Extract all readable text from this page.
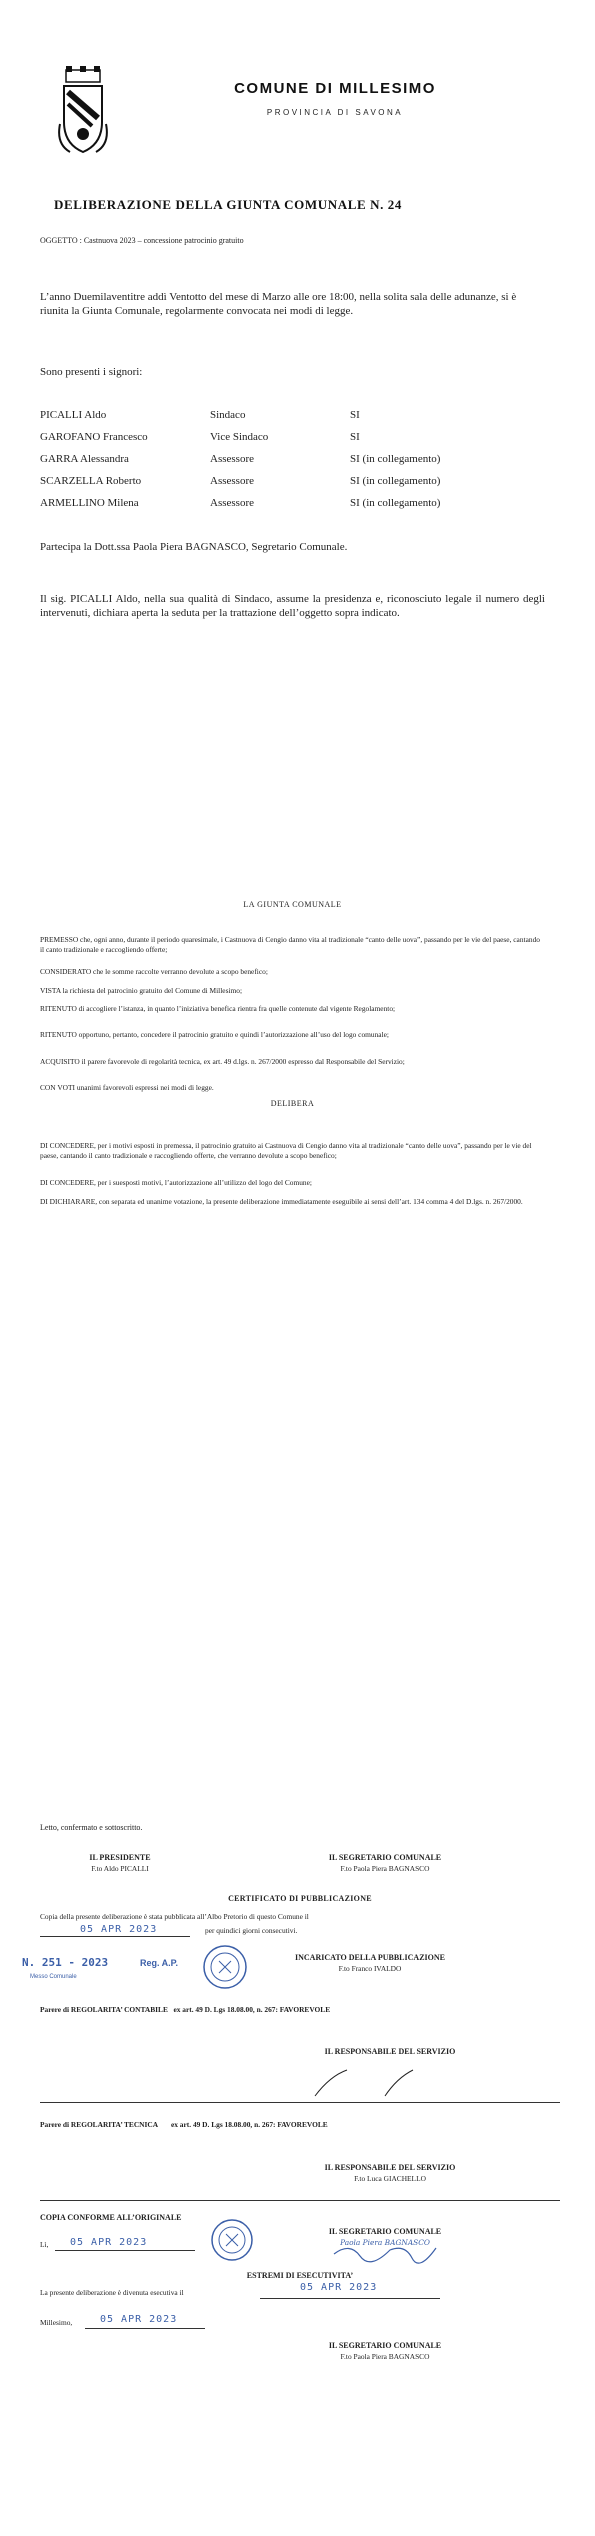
COMUNE DI MILLESIMO
PROVINCIA DI SAVONA
DELIBERAZIONE DELLA GIUNTA COMUNALE N. 24
OGGETTO : Castnuova 2023 – concessione patrocinio gratuito
L’anno Duemilaventitre addì Ventotto del mese di Marzo alle ore 18:00, nella solita sala delle adunanze, si è riunita la Giunta Comunale, regolarmente convocata nei modi di legge.
Sono presenti i signori:
PICALLI Aldo	Sindaco	SI
GAROFANO Francesco	Vice Sindaco	SI
GARRA Alessandra	Assessore	SI (in collegamento)
SCARZELLA Roberto	Assessore	SI (in collegamento)
ARMELLINO Milena	Assessore	SI (in collegamento)
Partecipa la Dott.ssa Paola Piera BAGNASCO, Segretario Comunale.
Il sig. PICALLI Aldo, nella sua qualità di Sindaco, assume la presidenza e, riconosciuto legale il numero degli intervenuti, dichiara aperta la seduta per la trattazione dell’oggetto sopra indicato.
LA GIUNTA COMUNALE
PREMESSO che, ogni anno, durante il periodo quaresimale, i Castnuova di Cengio danno vita al tradizionale “canto delle uova”, passando per le vie del paese, cantando il canto tradizionale e raccogliendo offerte;
CONSIDERATO che le somme raccolte verranno devolute a scopo benefico;
VISTA la richiesta del patrocinio gratuito del Comune di Millesimo;
RITENUTO di accogliere l’istanza, in quanto l’iniziativa benefica rientra fra quelle contenute dal vigente Regolamento;
RITENUTO opportuno, pertanto, concedere il patrocinio gratuito e quindi l’autorizzazione all’uso del logo comunale;
ACQUISITO il parere favorevole di regolarità tecnica, ex art. 49 d.lgs. n. 267/2000 espresso dal Responsabile del Servizio;
CON VOTI unanimi favorevoli espressi nei modi di legge.
DELIBERA
DI CONCEDERE, per i motivi esposti in premessa, il patrocinio gratuito ai Castnuova di Cengio danno vita al tradizionale “canto delle uova”, passando per le vie del paese, cantando il canto tradizionale e raccogliendo offerte, che verranno devolute a scopo benefico;
DI CONCEDERE, per i suesposti motivi, l’autorizzazione all’utilizzo del logo del Comune;
DI DICHIARARE, con separata ed unanime votazione, la presente deliberazione immediatamente eseguibile ai sensi dell’art. 134 comma 4 del D.lgs. n. 267/2000.
Letto, confermato e sottoscritto.
IL PRESIDENTE
F.to Aldo PICALLI
IL SEGRETARIO COMUNALE
F.to Paola Piera BAGNASCO
CERTIFICATO DI PUBBLICAZIONE
Copia della presente deliberazione è stata pubblicata all’Albo Pretorio di questo Comune il
05 APR 2023	per quindici giorni consecutivi.
N. 251 - 2023	Reg. A.P.
Messo Comunale
INCARICATO DELLA PUBBLICAZIONE
F.to Franco IVALDO
Parere di REGOLARITA’ CONTABILE ex art. 49 D. Lgs 18.08.00, n. 267: FAVOREVOLE
IL RESPONSABILE DEL SERVIZIO
Parere di REGOLARITA’ TECNICA ex art. 49 D. Lgs 18.08.00, n. 267: FAVOREVOLE
IL RESPONSABILE DEL SERVIZIO
F.to Luca GIACHELLO
COPIA CONFORME ALL’ORIGINALE
Lì, 05 APR 2023
IL SEGRETARIO COMUNALE
Paola Piera BAGNASCO
ESTREMI DI ESECUTIVITA’
La presente deliberazione è divenuta esecutiva il	05 APR 2023
Millesimo,	05 APR 2023
IL SEGRETARIO COMUNALE
F.to Paola Piera BAGNASCO
